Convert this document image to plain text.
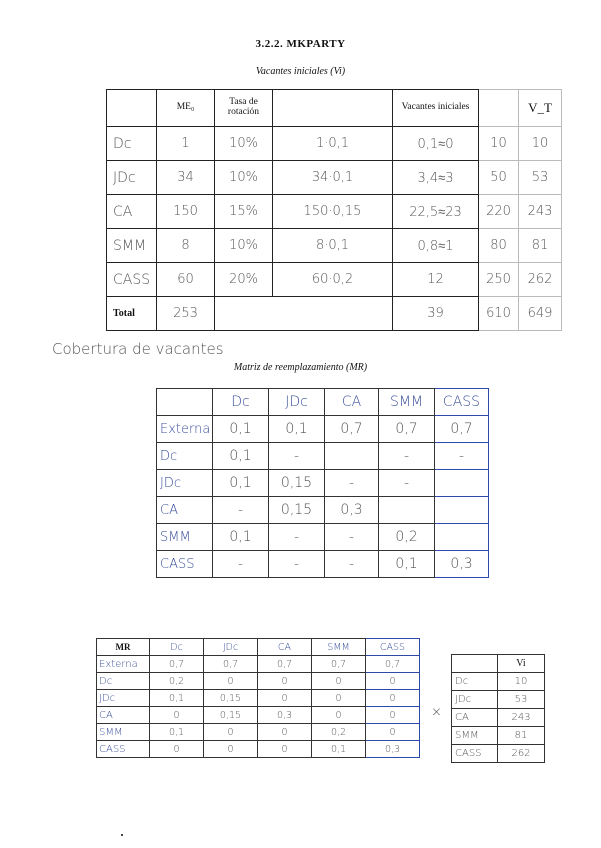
3.2.2. MKPARTY
Vacantes iniciales (Vi)
	ME₀	Tasa de rotación		Vacantes iniciales		V_T
Dc	1	10%	1·0,1	0,1≈0	10	10
JDc	34	10%	34·0,1	3,4≈3	50	53
CA	150	15%	150·0,15	22,5≈23	220	243
SMM	8	10%	8·0,1	0,8≈1	80	81
CASS	60	20%	60·0,2	12	250	262
Total	253			39	610	649
Cobertura de vacantes
Matriz de reemplazamiento (MR)
	Dc	JDc	CA	SMM	CASS
Externa	0,1	0,1	0,7	0,7	0,7
Dc	0,1	-		-	-
JDc	0,1	0,15	-	-	
CA	-	0,15	0,3		
SMM	0,1	-	-	0,2	
CASS	-	-	-	0,1	0,3
MR	Dc	JDc	CA	SMM	CASS
Externa	0,7	0,7	0,7	0,7	0,7
Dc	0,2	0	0	0	0
JDc	0,1	0,15	0	0	0
CA	0	0,15	0,3	0	0
SMM	0,1	0	0	0,2	0
CASS	0	0	0	0,1	0,3
×
	Vi
Dc	10
JDc	53
CA	243
SMM	81
CASS	262
